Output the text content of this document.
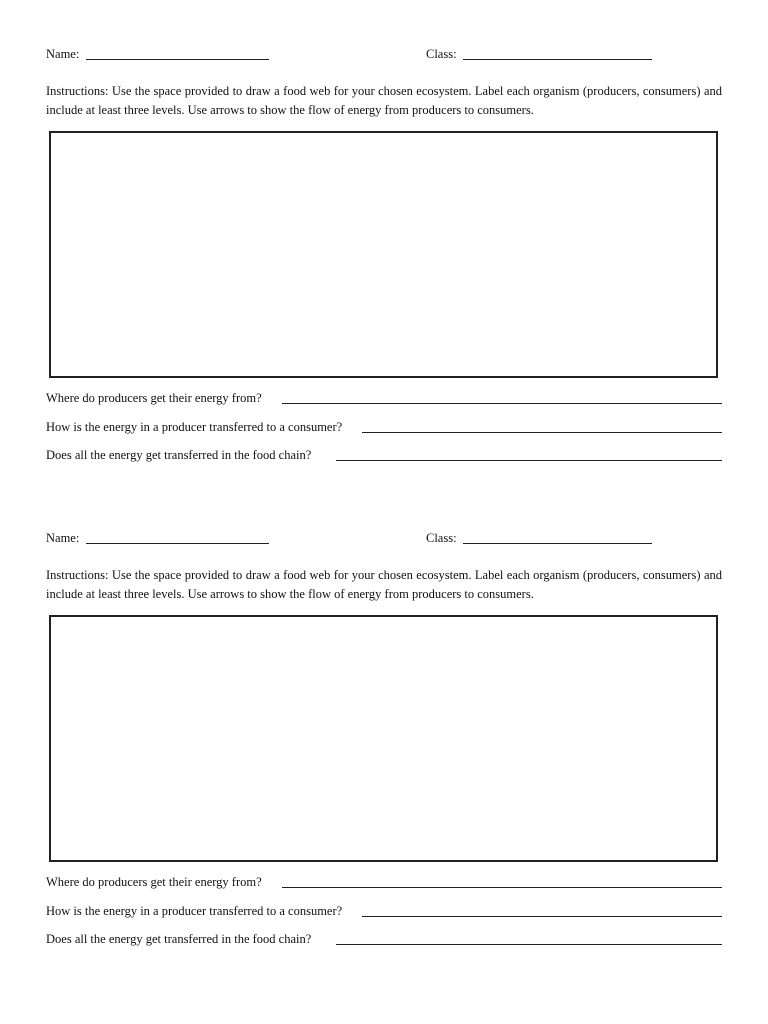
Name:	Class:

Instructions: Use the space provided to draw a food web for your chosen ecosystem. Label each organism (producers, consumers) and include at least three levels. Use arrows to show the flow of energy from producers to consumers.

Where do producers get their energy from?
How is the energy in a producer transferred to a consumer?
Does all the energy get transferred in the food chain?
Name:	Class:

Instructions: Use the space provided to draw a food web for your chosen ecosystem. Label each organism (producers, consumers) and include at least three levels. Use arrows to show the flow of energy from producers to consumers.

Where do producers get their energy from?
How is the energy in a producer transferred to a consumer?
Does all the energy get transferred in the food chain?
